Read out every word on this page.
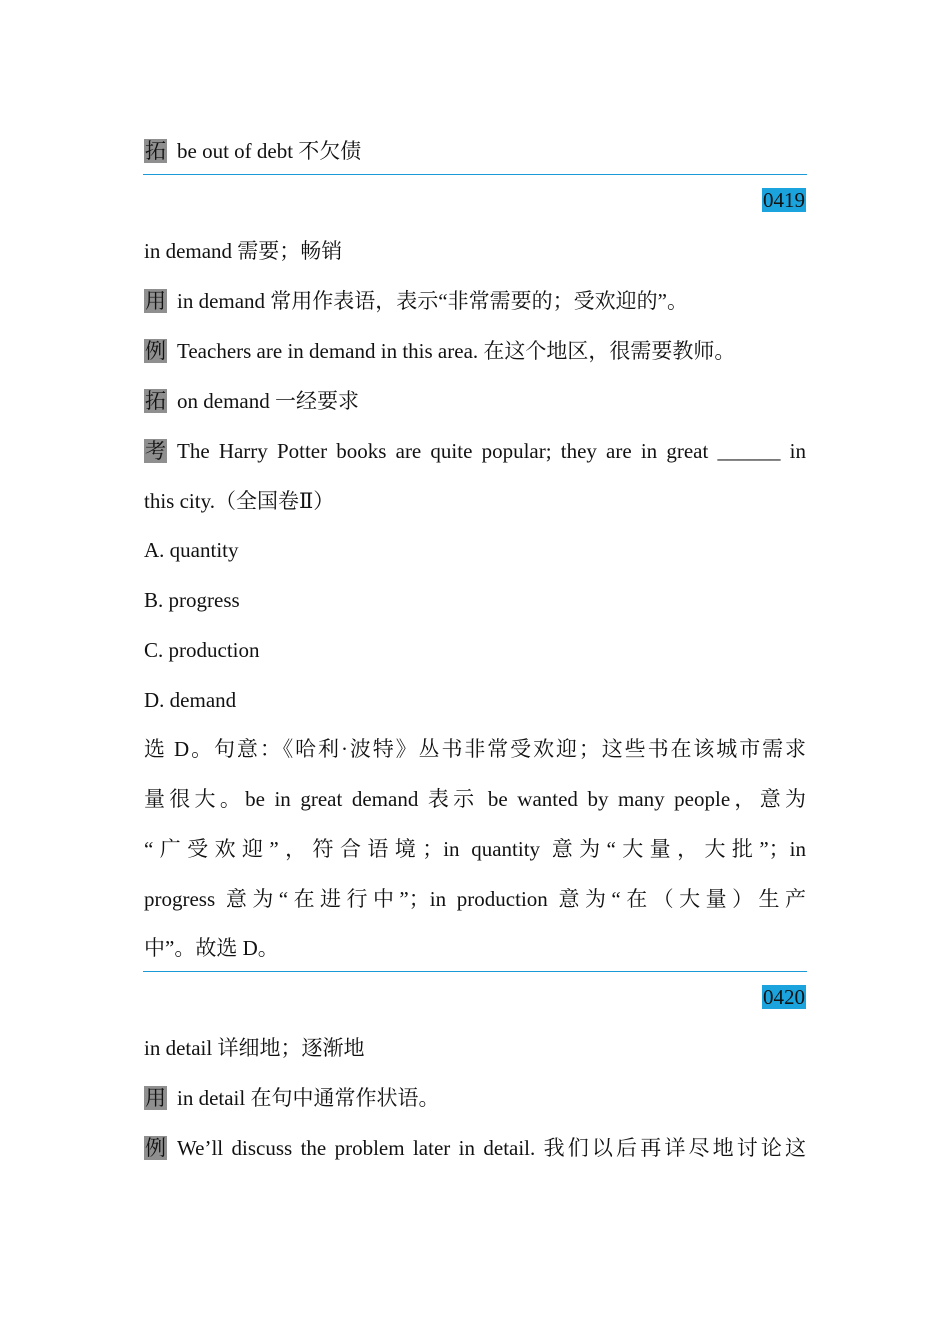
拓 be out of debt 不欠债
0419
in demand 需要；畅销
用 in demand 常用作表语，表示“非常需要的；受欢迎的”。
例 Teachers are in demand in this area. 在这个地区，很需要教师。
拓 on demand 一经要求
考 The Harry Potter books are quite popular; they are in great ______ in
this city.（全国卷Ⅱ）
A. quantity
B. progress
C. production
D. demand
选 D。句意：《哈利·波特》丛书非常受欢迎；这些书在该城市需求
量很大。be in great demand 表示 be wanted by many people，意为
“广受欢迎”，符合语境；in quantity 意为“大量，大批”；in
progress 意为“在进行中”；in production 意为“在（大量）生产
中”。故选 D。
0420
in detail 详细地；逐渐地
用 in detail 在句中通常作状语。
例 We’ll discuss the problem later in detail. 我们以后再详尽地讨论这
